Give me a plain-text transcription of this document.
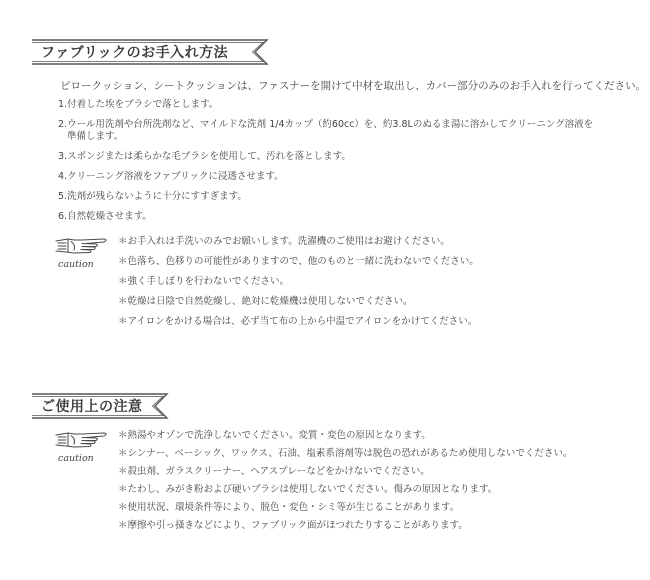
ファブリックのお手入れ方法
ピロークッション、シートクッションは、ファスナーを開けて中材を取出し、カバー部分のみのお手入れを行ってください。
1.付着した埃をブラシで落とします。
2.ウール用洗剤や台所洗剤など、マイルドな洗剤 1/4カップ（約60cc）を、約3.8Lのぬるま湯に溶かしてクリーニング溶液を
準備します。
3.スポンジまたは柔らかな毛ブラシを使用して、汚れを落とします。
4.クリーニング溶液をファブリックに浸透させます。
5.洗剤が残らないように十分にすすぎます。
6.自然乾燥させます。
caution
＊お手入れは手洗いのみでお願いします。洗濯機のご使用はお避けください。
＊色落ち、色移りの可能性がありますので、他のものと一緒に洗わないでください。
＊強く手しぼりを行わないでください。
＊乾燥は日陰で自然乾燥し、絶対に乾燥機は使用しないでください。
＊アイロンをかける場合は、必ず当て布の上から中温でアイロンをかけてください。
ご使用上の注意
caution
＊熱湯やオゾンで洗浄しないでください。変質・変色の原因となります。
＊シンナー、ベーシック、ワックス、石油、塩素系溶剤等は脱色の恐れがあるため使用しないでください。
＊殺虫剤、ガラスクリーナー、ヘアスプレーなどをかけないでください。
＊たわし、みがき粉および硬いブラシは使用しないでください。傷みの原因となります。
＊使用状況、環境条件等により、脱色・変色・シミ等が生じることがあります。
＊摩擦や引っ掻きなどにより、ファブリック面がほつれたりすることがあります。
